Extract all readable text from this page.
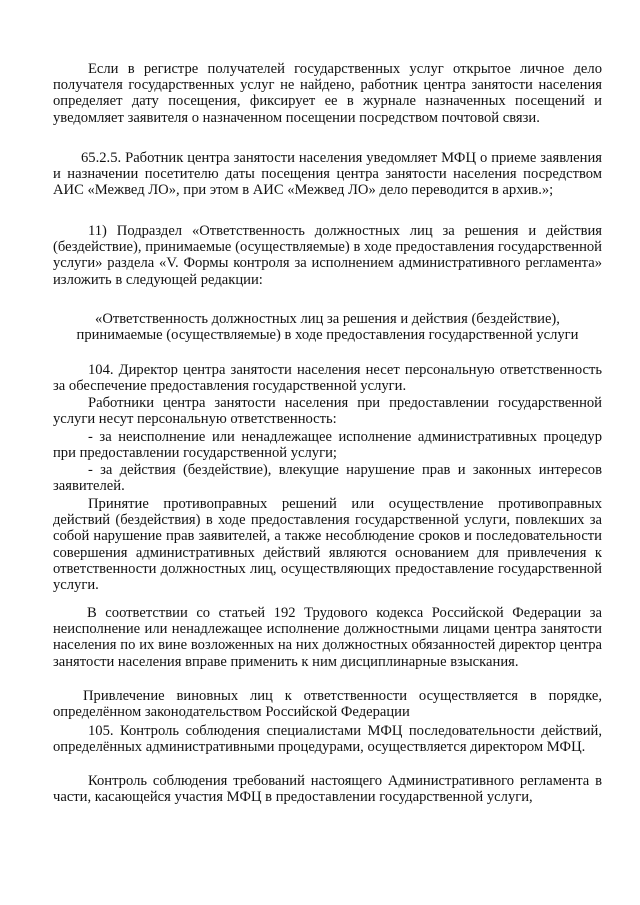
Если в регистре получателей государственных услуг открытое личное дело получателя государственных услуг не найдено, работник центра занятости населения определяет дату посещения, фиксирует ее в журнале назначенных посещений и уведомляет заявителя о назначенном посещении посредством почтовой связи.

65.2.5. Работник центра занятости населения уведомляет МФЦ о приеме заявления и назначении посетителю даты посещения центра занятости населения посредством АИС «Межвед ЛО», при этом в АИС «Межвед ЛО» дело переводится в архив.»;

11) Подраздел «Ответственность должностных лиц за решения и действия (бездействие), принимаемые (осуществляемые) в ходе предоставления государственной услуги» раздела «V. Формы контроля за исполнением административного регламента» изложить в следующей редакции:

«Ответственность должностных лиц за решения и действия (бездействие),

принимаемые (осуществляемые) в ходе предоставления государственной услуги

104. Директор центра занятости населения несет персональную ответственность за обеспечение предоставления государственной услуги.

Работники центра занятости населения при предоставлении государственной услуги несут персональную ответственность:

- за неисполнение или ненадлежащее исполнение административных процедур при предоставлении государственной услуги;

- за действия (бездействие), влекущие нарушение прав и законных интересов заявителей.

Принятие противоправных решений или осуществление противоправных действий (бездействия) в ходе предоставления государственной услуги, повлекших за собой нарушение прав заявителей, а также несоблюдение сроков и последовательности совершения административных действий являются основанием для привлечения к ответственности должностных лиц, осуществляющих предоставление государственной услуги.

В соответствии со статьей 192 Трудового кодекса Российской Федерации за неисполнение или ненадлежащее исполнение должностными лицами центра занятости населения по их вине возложенных на них должностных обязанностей директор центра занятости населения вправе применить к ним дисциплинарные взыскания.

Привлечение виновных лиц к ответственности осуществляется в порядке, определённом законодательством Российской Федерации

105. Контроль соблюдения специалистами МФЦ последовательности действий, определённых административными процедурами, осуществляется директором МФЦ.

Контроль соблюдения требований настоящего Административного регламента в части, касающейся участия МФЦ в предоставлении государственной услуги,
